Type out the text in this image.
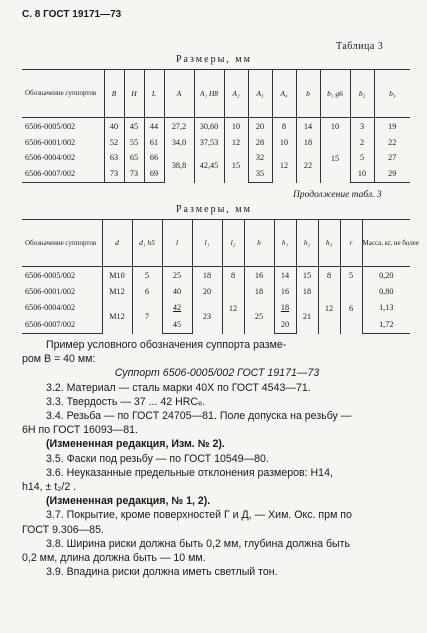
С. 8 ГОСТ 19171—73
Таблица 3
Размеры, мм
Обозначение суппортов	B	H	L	A	A₁ H8	A₂	A₃	A₄	b	b₁ g6	b₂	b₃
6506-0005/002	40	45	44	27,2	30,60	10	20	8	14	10	3	19
6506-0001/002	52	55	61	34,0	37,53	12	28	10	18	15	2	22
6506-0004/002	63	65	66	38,8	42,45	15	32	12	22		5	27
6506-0007/002	73	73	69				35				10	29
Продолжение табл. 3
Размеры, мм
Обозначение суппортов	d	d₁ h5	l	l₁	l₂	h	h₁	h₂	h₃	r	Масса, кг, не более
6506-0005/002	M10	5	25	18	8	16	14	15	8	5	0,20
6506-0001/002	M12	6	40	20	12	18	16	18	12	6	0,80
6506-0004/002	M12	7	42	23		25	18	21			1,13
6506-0007/002			45				20				1,72

Пример условного обозначения суппорта разме-

ром B = 40 мм:

Суппорт 6506-0005/002 ГОСТ 19171—73

3.2. Материал — сталь марки 40Х по ГОСТ 4543—71.

3.3. Твердость — 37 ... 42 HRCₑ.

3.4. Резьба — по ГОСТ 24705—81. Поле допуска на резьбу —

6H по ГОСТ 16093—81.

(Измененная редакция, Изм. № 2).

3.5. Фаски под резьбу — по ГОСТ 10549—80.

3.6. Неуказанные предельные отклонения размеров: Н14,

h14, ± t₂/2 .

(Измененная редакция, № 1, 2).

3.7. Покрытие, кроме поверхностей Г и Д, — Хим. Окс. прм по

ГОСТ 9.306—85.

3.8. Ширина риски должна быть 0,2 мм, глубина должна быть

0,2 мм, длина должна быть — 10 мм.

3.9. Впадина риски должна иметь светлый тон.
